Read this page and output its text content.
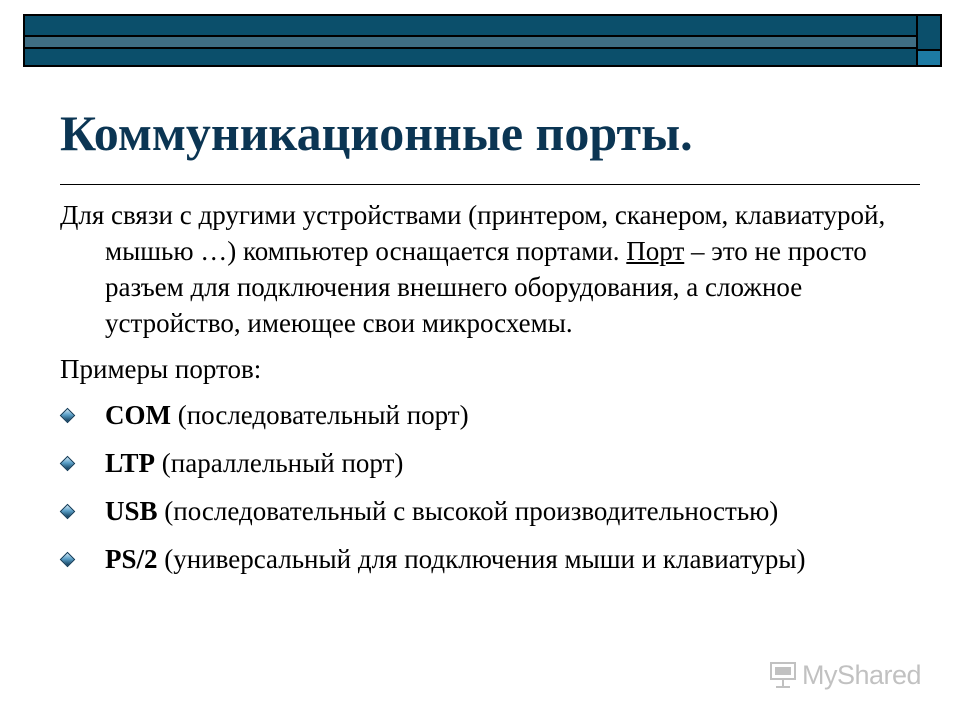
Коммуникационные порты.

Для связи с другими устройствами (принтером, сканером, клавиатурой, мышью …) компьютер оснащается портами. Порт – это не просто разъем для подключения внешнего оборудования, а сложное устройство, имеющее свои микросхемы.

Примеры портов:

COM (последовательный порт)
LTP (параллельный порт)
USB (последовательный с высокой производительностью)
PS/2 (универсальный для подключения мыши и клавиатуры)
MyShared
